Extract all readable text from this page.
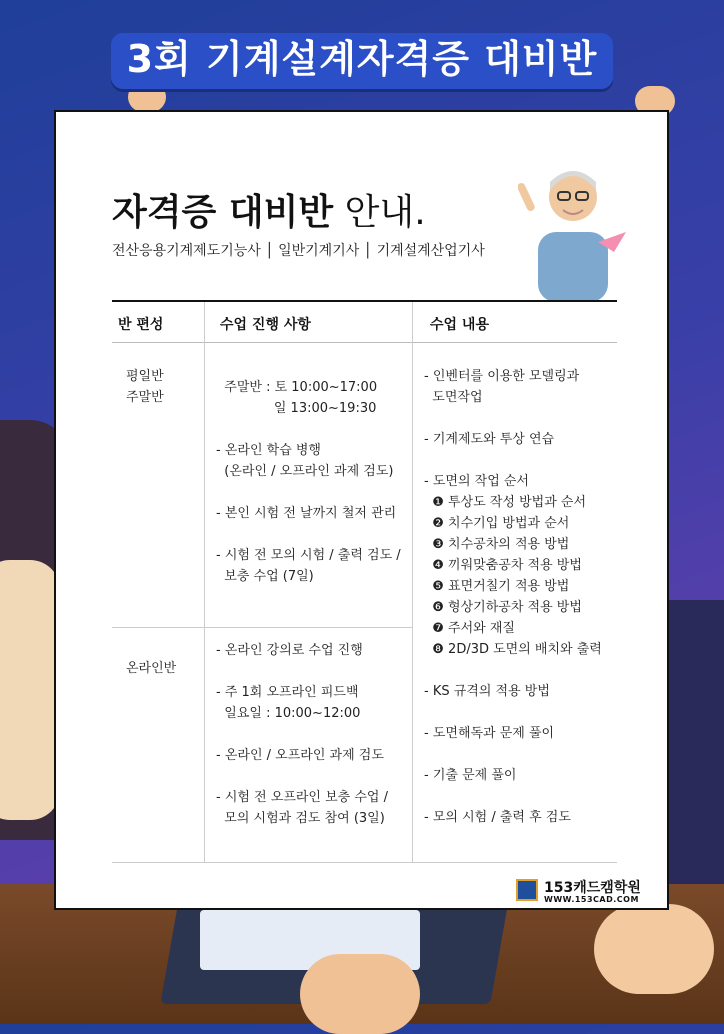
3회 기계설계자격증 대비반
자격증 대비반 안내.
전산응용기계제도기능사 │ 일반기계기사 │ 기계설계산업기사
반 편성	수업 진행 사항	수업 내용
평일반
주말반
주말반 : 토 10:00~17:00
일 13:00~19:30

- 온라인 학습 병행
(온라인 / 오프라인 과제 검도)

- 본인 시험 전 날까지 철저 관리

- 시험 전 모의 시험 / 출력 검도 /
보충 수업 (7일)
온라인반
- 온라인 강의로 수업 진행

- 주 1회 오프라인 피드백
일요일 : 10:00~12:00

- 온라인 / 오프라인 과제 검도

- 시험 전 오프라인 보충 수업 /
모의 시험과 검도 참여 (3일)
- 인벤터를 이용한 모델링과
도면작업

- 기계제도와 투상 연습

- 도면의 작업 순서
❶ 투상도 작성 방법과 순서
❷ 치수기입 방법과 순서
❸ 치수공차의 적용 방법
❹ 끼워맞춤공차 적용 방법
❺ 표면거칠기 적용 방법
❻ 형상기하공차 적용 방법
❼ 주서와 재질
❽ 2D/3D 도면의 배치와 출력

- KS 규격의 적용 방법

- 도면해독과 문제 풀이

- 기출 문제 풀이

- 모의 시험 / 출력 후 검도
153캐드캠학원
WWW.153CAD.COM
